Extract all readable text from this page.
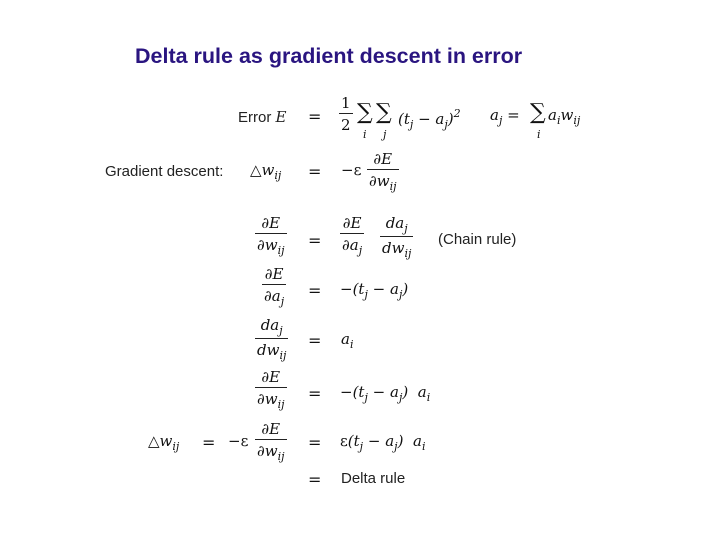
Delta rule as gradient descent in error
Error $E = \frac{1}{2}$ ∑
i
∑
j
$(t_j - a_j)^2$ $a_j$ = ∑
i
$a_iw_{ij}$
Gradient descent: $\triangle w_{ij} = -\varepsilon$
∂E
$\partial w_{ij}$
∂E
$\partial w_{ij}$
= $\frac{\partial E}{\partial a_j} da_j$
$dw_{ij}$
(Chain rule)
$\frac{\partial E}{\partial a_j} = -(t_j - a_j)$
$da_j$
$dw_{ij}$
= $a_i$
∂E
$\partial w_{ij}$
= $-(t_j - a_j)$ $a_i$
$\triangle w_{ij} = -\varepsilon$
∂E
$\partial w_{ij}$
= $\varepsilon(t_j - a_j)$ $a_i$
= Delta rule
